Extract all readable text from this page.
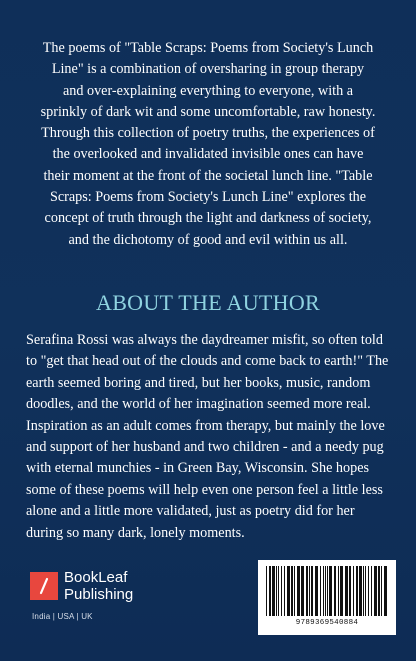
The poems of "Table Scraps: Poems from Society's Lunch Line" is a combination of oversharing in group therapy and over-explaining everything to everyone, with a sprinkly of dark wit and some uncomfortable, raw honesty. Through this collection of poetry truths, the experiences of the overlooked and invalidated invisible ones can have their moment at the front of the societal lunch line. "Table Scraps: Poems from Society's Lunch Line" explores the concept of truth through the light and darkness of society, and the dichotomy of good and evil within us all.

ABOUT THE AUTHOR

Serafina Rossi was always the daydreamer misfit, so often told to "get that head out of the clouds and come back to earth!" The earth seemed boring and tired, but her books, music, random doodles, and the world of her imagination seemed more real. Inspiration as an adult comes from therapy, but mainly the love and support of her husband and two children - and a needy pug with eternal munchies - in Green Bay, Wisconsin. She hopes some of these poems will help even one person feel a little less alone and a little more validated, just as poetry did for her during so many dark, lonely moments.

BookLeaf
Publishing
India | USA | UK
9789369540884
